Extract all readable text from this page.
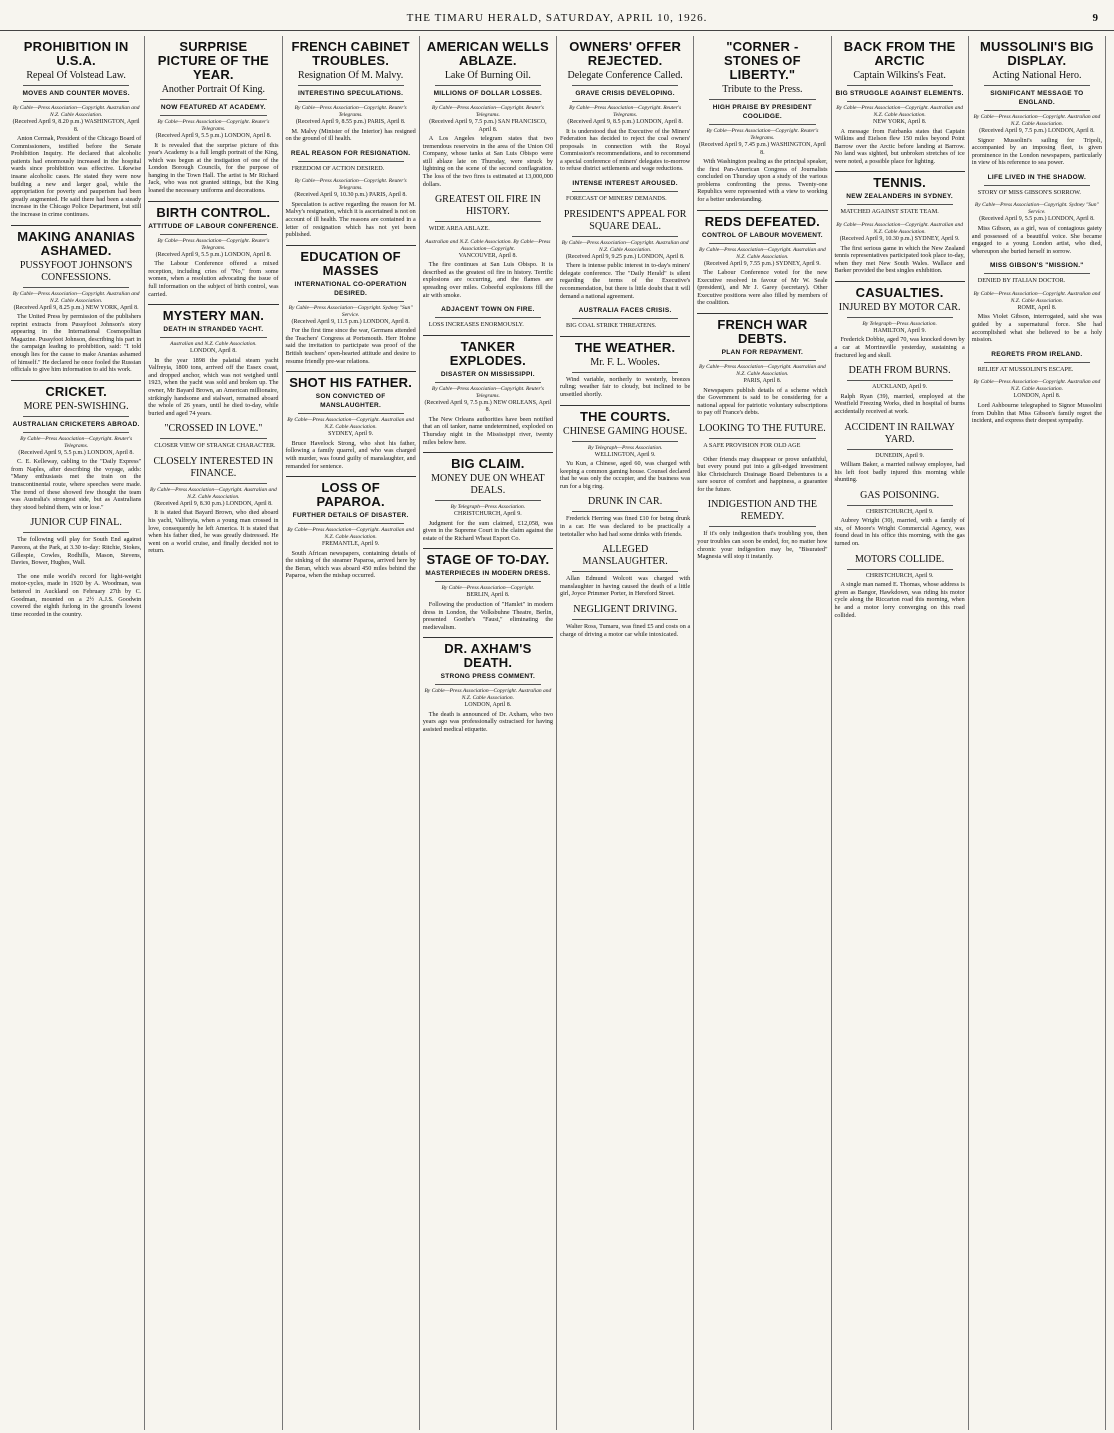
THE TIMARU HERALD, SATURDAY, APRIL 10, 1926.	9
PROHIBITION IN U.S.A.
Repeal Of Volstead Law.
MOVES AND COUNTER MOVES.
By Cable—Press Association—Copyright. Australian and N.Z. Cable Association.
(Received April 9, 8.20 p.m.) WASHINGTON, April 8.
Anton Cermak, President of the Chicago Board of Commissioners, testified before the Senate Prohibition Inquiry. He declared that alcoholic patients had enormously increased in the hospital wards since prohibition was effective. Likewise insane alcoholic cases. He stated they were now building a new and larger goal, while the appropriation for poverty and pauperism had been greatly augmented. He said there had been a steady increase in the Chicago Police Department, but still the increase in crime continues.
MAKING ANANIAS ASHAMED.
PUSSYFOOT JOHNSON'S CONFESSIONS.
By Cable—Press Association—Copyright. Australian and N.Z. Cable Association.
(Received April 9, 8.25 p.m.) NEW YORK, April 8.
The United Press by permission of the publishers reprint extracts from Pussyfoot Johnson's story appearing in the International Cosmopolitan Magazine. Pussyfoot Johnson, describing his part in the campaign leading to prohibition, said: "I told enough lies for the cause to make Ananias ashamed of himself." He declared he once fooled the Russian officials to give him information to aid his work.
CRICKET.
MORE PEN-SWISHING.
AUSTRALIAN CRICKETERS ABROAD.
By Cable—Press Association—Copyright. Reuter's Telegrams.
(Received April 9, 5.5 p.m.) LONDON, April 8.
C. E. Kelleway, cabling to the "Daily Express" from Naples, after describing the voyage, adds: "Many enthusiasts met the train on the transcontinental route, where speeches were made. The trend of these showed few thought the team was Australia's strongest side, but as Australians they stood behind them, win or lose."
JUNIOR CUP FINAL.
The following will play for South End against Pareora, at the Park, at 3.30 to-day: Ritchie, Stokes, Gillespie, Cowles, Rodhills, Mason, Stevens, Davies, Bower, Hughes, Wall.
The one mile world's record for light-weight motor-cycles, made in 1920 by A. Woodman, was bettered in Auckland on February 27th by C. Goodman, mounted on a 2½ A.J.S. Goodwin covered the eighth furlong in the ground's lowest time recorded in the country.
SURPRISE PICTURE OF THE YEAR.
Another Portrait Of King.
NOW FEATURED AT ACADEMY.
By Cable—Press Association—Copyright. Reuter's Telegrams.
(Received April 9, 5.5 p.m.) LONDON, April 8.
It is revealed that the surprise picture of this year's Academy is a full length portrait of the King, which was begun at the instigation of one of the London Borough Councils, for the purpose of hanging in the Town Hall. The artist is Mr Richard Jack, who was not granted sittings, but the King loaned the necessary uniforms and decorations.
BIRTH CONTROL.
ATTITUDE OF LABOUR CONFERENCE.
By Cable—Press Association—Copyright. Reuter's Telegrams.
(Received April 9, 5.5 p.m.) LONDON, April 8.
The Labour Conference offered a mixed reception, including cries of "No," from some women, when a resolution advocating the issue of full information on the subject of birth control, was carried.
MYSTERY MAN.
DEATH IN STRANDED YACHT.
Australian and N.Z. Cable Association.
LONDON, April 8.
In the year 1898 the palatial steam yacht Valfreyia, 1800 tons, arrived off the Essex coast, and dropped anchor, which was not weighed until 1923, when the yacht was sold and broken up. The owner, Mr Bayard Brown, an American millionaire, strikingly handsome and stalwart, remained aboard the whole of 26 years, until he died to-day, while buried and aged 74 years.
"CROSSED IN LOVE."
CLOSER VIEW OF STRANGE CHARACTER.
CLOSELY INTERESTED IN FINANCE.
By Cable—Press Association—Copyright. Australian and N.Z. Cable Association.
(Received April 9, 8.30 p.m.) LONDON, April 8.
It is stated that Bayard Brown, who died aboard his yacht, Valfreyia, when a young man crossed in love, consequently he left America. It is stated that when his father died, he was greatly distressed. He went on a world cruise, and finally decided not to return.
FRENCH CABINET TROUBLES.
Resignation Of M. Malvy.
INTERESTING SPECULATIONS.
By Cable—Press Association—Copyright. Reuter's Telegrams.
(Received April 9, 8.55 p.m.) PARIS, April 8.
M. Malvy (Minister of the Interior) has resigned on the ground of ill health.
REAL REASON FOR RESIGNATION.
FREEDOM OF ACTION DESIRED.
By Cable—Press Association—Copyright. Reuter's Telegrams.
(Received April 9, 10.30 p.m.) PARIS, April 8.
Speculation is active regarding the reason for M. Malvy's resignation, which it is ascertained is not on account of ill health. The reasons are contained in a letter of resignation which has not yet been published.
EDUCATION OF MASSES
INTERNATIONAL CO-OPERATION DESIRED.
By Cable—Press Association—Copyright. Sydney "Sun" Service.
(Received April 9, 11.5 p.m.) LONDON, April 8.
For the first time since the war, Germans attended the Teachers' Congress at Portsmouth. Herr Hohne said the invitation to participate was proof of the British teachers' open-hearted attitude and desire to resume friendly pre-war relations.
SHOT HIS FATHER.
SON CONVICTED OF MANSLAUGHTER.
By Cable—Press Association—Copyright. Australian and N.Z. Cable Association.
SYDNEY, April 9.
Bruce Havelock Strong, who shot his father, following a family quarrel, and who was charged with murder, was found guilty of manslaughter, and remanded for sentence.
LOSS OF PAPAROA.
FURTHER DETAILS OF DISASTER.
By Cable—Press Association—Copyright. Australian and N.Z. Cable Association.
FREMANTLE, April 9.
South African newspapers, containing details of the sinking of the steamer Paparoa, arrived here by the Beran, which was aboard 450 miles behind the Paparoa, when the mishap occurred.
AMERICAN WELLS ABLAZE.
Lake Of Burning Oil.
MILLIONS OF DOLLAR LOSSES.
By Cable—Press Association—Copyright. Reuter's Telegrams.
(Received April 9, 7.5 p.m.) SAN FRANCISCO, April 8.
A Los Angeles telegram states that two tremendous reservoirs in the area of the Union Oil Company, whose tanks at San Luis Obispo were still ablaze late on Thursday, were struck by lightning on the scene of the second conflagration. The loss of the two fires is estimated at 13,000,000 dollars.
GREATEST OIL FIRE IN HISTORY.
WIDE AREA ABLAZE.
Australian and N.Z. Cable Association. By Cable—Press Association—Copyright.
VANCOUVER, April 8.
The fire continues at San Luis Obispo. It is described as the greatest oil fire in history. Terrific explosions are occurring, and the flames are spreading over miles. Cobeeful explosions fill the air with smoke.
ADJACENT TOWN ON FIRE.
LOSS INCREASES ENORMOUSLY.
TANKER EXPLODES.
DISASTER ON MISSISSIPPI.
By Cable—Press Association—Copyright. Reuter's Telegrams.
(Received April 9, 7.5 p.m.) NEW ORLEANS, April 8.
The New Orleans authorities have been notified that an oil tanker, name undetermined, exploded on Thursday night in the Mississippi river, twenty miles below here.
BIG CLAIM.
MONEY DUE ON WHEAT DEALS.
By Telegraph—Press Association.
CHRISTCHURCH, April 9.
Judgment for the sum claimed, £12,058, was given in the Supreme Court in the claim against the estate of the Richard Wheat Export Co.
STAGE OF TO-DAY.
MASTERPIECES IN MODERN DRESS.
By Cable—Press Association—Copyright.
BERLIN, April 8.
Following the production of "Hamlet" in modern dress in London, the Volksbuhne Theatre, Berlin, presented Goethe's "Faust," eliminating the medievalism.
DR. AXHAM'S DEATH.
STRONG PRESS COMMENT.
By Cable—Press Association—Copyright. Australian and N.Z. Cable Association.
LONDON, April 8.
The death is announced of Dr. Axham, who two years ago was professionally ostracised for having assisted medical etiquette.
OWNERS' OFFER REJECTED.
Delegate Conference Called.
GRAVE CRISIS DEVELOPING.
By Cable—Press Association—Copyright. Reuter's Telegrams.
(Received April 9, 8.5 p.m.) LONDON, April 8.
It is understood that the Executive of the Miners' Federation has decided to reject the coal owners' proposals in connection with the Royal Commission's recommendations, and to recommend a special conference of miners' delegates to-morrow to refuse district settlements and wage reductions.
INTENSE INTEREST AROUSED.
FORECAST OF MINERS' DEMANDS.
PRESIDENT'S APPEAL FOR SQUARE DEAL.
By Cable—Press Association—Copyright. Australian and N.Z. Cable Association.
(Received April 9, 9.25 p.m.) LONDON, April 8.
There is intense public interest in to-day's miners' delegate conference. The "Daily Herald" is silent regarding the terms of the Executive's recommendation, but there is little doubt that it will demand a national agreement.
AUSTRALIA FACES CRISIS.
BIG COAL STRIKE THREATENS.
THE WEATHER.
Mr. F. L. Wooles.
Wind variable, northerly to westerly, breezes ruling; weather fair to cloudy, but inclined to be unsettled shortly.
THE COURTS.
CHINESE GAMING HOUSE.
By Telegraph—Press Association.
WELLINGTON, April 9.
Yu Kun, a Chinese, aged 60, was charged with keeping a common gaming house. Counsel declared that he was only the occupier, and the business was run for a big ring.
DRUNK IN CAR.
Frederick Herring was fined £10 for being drunk in a car. He was declared to be practically a teetotaller who had had some drinks with friends.
ALLEGED MANSLAUGHTER.
Allan Edmund Wolcott was charged with manslaughter in having caused the death of a little girl, Joyce Primmer Porter, in Hereford Street.
NEGLIGENT DRIVING.
Walter Ross, Tumaru, was fined £5 and costs on a charge of driving a motor car while intoxicated.
"CORNER - STONES OF LIBERTY."
Tribute to the Press.
HIGH PRAISE BY PRESIDENT COOLIDGE.
By Cable—Press Association—Copyright. Reuter's Telegrams.
(Received April 9, 7.45 p.m.) WASHINGTON, April 8.
With Washington pealing as the principal speaker, the first Pan-American Congress of Journalists concluded on Thursday upon a study of the various problems confronting the press. Twenty-one Republics were represented with a view to working for a better understanding.
REDS DEFEATED.
CONTROL OF LABOUR MOVEMENT.
By Cable—Press Association—Copyright. Australian and N.Z. Cable Association.
(Received April 9, 7.55 p.m.) SYDNEY, April 9.
The Labour Conference voted for the new Executive resolved in favour of Mr W. Seale (president), and Mr J. Garey (secretary). Other Executive positions were also filled by members of the coalition.
FRENCH WAR DEBTS.
PLAN FOR REPAYMENT.
By Cable—Press Association—Copyright. Australian and N.Z. Cable Association.
PARIS, April 8.
Newspapers publish details of a scheme which the Government is said to be considering for a national appeal for patriotic voluntary subscriptions to pay off France's debts.
LOOKING TO THE FUTURE.
A SAFE PROVISION FOR OLD AGE
Other friends may disappear or prove unfaithful, but every pound put into a gilt-edged investment like Christchurch Drainage Board Debentures is a sure source of comfort and happiness, a guarantee for the future.
INDIGESTION AND THE REMEDY.
If it's only indigestion that's troubling you, then your troubles can soon be ended, for, no matter how chronic your indigestion may be, "Bisurated" Magnesia will stop it instantly.
BACK FROM THE ARCTIC
Captain Wilkins's Feat.
BIG STRUGGLE AGAINST ELEMENTS.
By Cable—Press Association—Copyright. Australian and N.Z. Cable Association.
NEW YORK, April 8.
A message from Fairbanks states that Captain Wilkins and Eielson flew 150 miles beyond Point Barrow over the Arctic before landing at Barrow. No land was sighted, but unbroken stretches of ice were noted, a possible place for lighting.
TENNIS.
NEW ZEALANDERS IN SYDNEY.
MATCHED AGAINST STATE TEAM.
By Cable—Press Association—Copyright. Australian and N.Z. Cable Association.
(Received April 9, 10.30 p.m.) SYDNEY, April 9.
The first serious game in which the New Zealand tennis representatives participated took place to-day, when they met New South Wales. Wallace and Barker provided the best singles exhibition.
CASUALTIES.
INJURED BY MOTOR CAR.
By Telegraph—Press Association.
HAMILTON, April 9.
Frederick Dobbie, aged 70, was knocked down by a car at Morrinsville yesterday, sustaining a fractured leg and skull.
DEATH FROM BURNS.
AUCKLAND, April 9.
Ralph Ryan (39), married, employed at the Westfield Freezing Works, died in hospital of burns accidentally received at work.
ACCIDENT IN RAILWAY YARD.
DUNEDIN, April 9.
William Baker, a married railway employee, had his left foot badly injured this morning while shunting.
GAS POISONING.
CHRISTCHURCH, April 9.
Aubrey Wright (30), married, with a family of six, of Moore's Wright Commercial Agency, was found dead in his office this morning, with the gas turned on.
MOTORS COLLIDE.
CHRISTCHURCH, April 9.
A single man named E. Thomas, whose address is given as Bangor, Hawkdown, was riding his motor cycle along the Riccarton road this morning, when he and a motor lorry converging on this road collided.
MUSSOLINI'S BIG DISPLAY.
Acting National Hero.
SIGNIFICANT MESSAGE TO ENGLAND.
By Cable—Press Association—Copyright. Australian and N.Z. Cable Association.
(Received April 9, 7.5 p.m.) LONDON, April 8.
Signor Mussolini's sailing for Tripoli, accompanied by an imposing fleet, is given prominence in the London newspapers, particularly in view of his reference to sea power.
LIFE LIVED IN THE SHADOW.
STORY OF MISS GIBSON'S SORROW.
By Cable—Press Association—Copyright. Sydney "Sun" Service.
(Received April 9, 5.5 p.m.) LONDON, April 8.
Miss Gibson, as a girl, was of contagious gaiety and possessed of a beautiful voice. She became engaged to a young London artist, who died, whereupon she buried herself in sorrow.
MISS GIBSON'S "MISSION."
DENIED BY ITALIAN DOCTOR.
By Cable—Press Association—Copyright. Australian and N.Z. Cable Association.
ROME, April 8.
Miss Violet Gibson, interrogated, said she was guided by a supernatural force. She had accomplished what she believed to be a holy mission.
REGRETS FROM IRELAND.
RELIEF AT MUSSOLINI'S ESCAPE.
By Cable—Press Association—Copyright. Australian and N.Z. Cable Association.
LONDON, April 8.
Lord Ashbourne telegraphed to Signor Mussolini from Dublin that Miss Gibson's family regret the incident, and express their deepest sympathy.
